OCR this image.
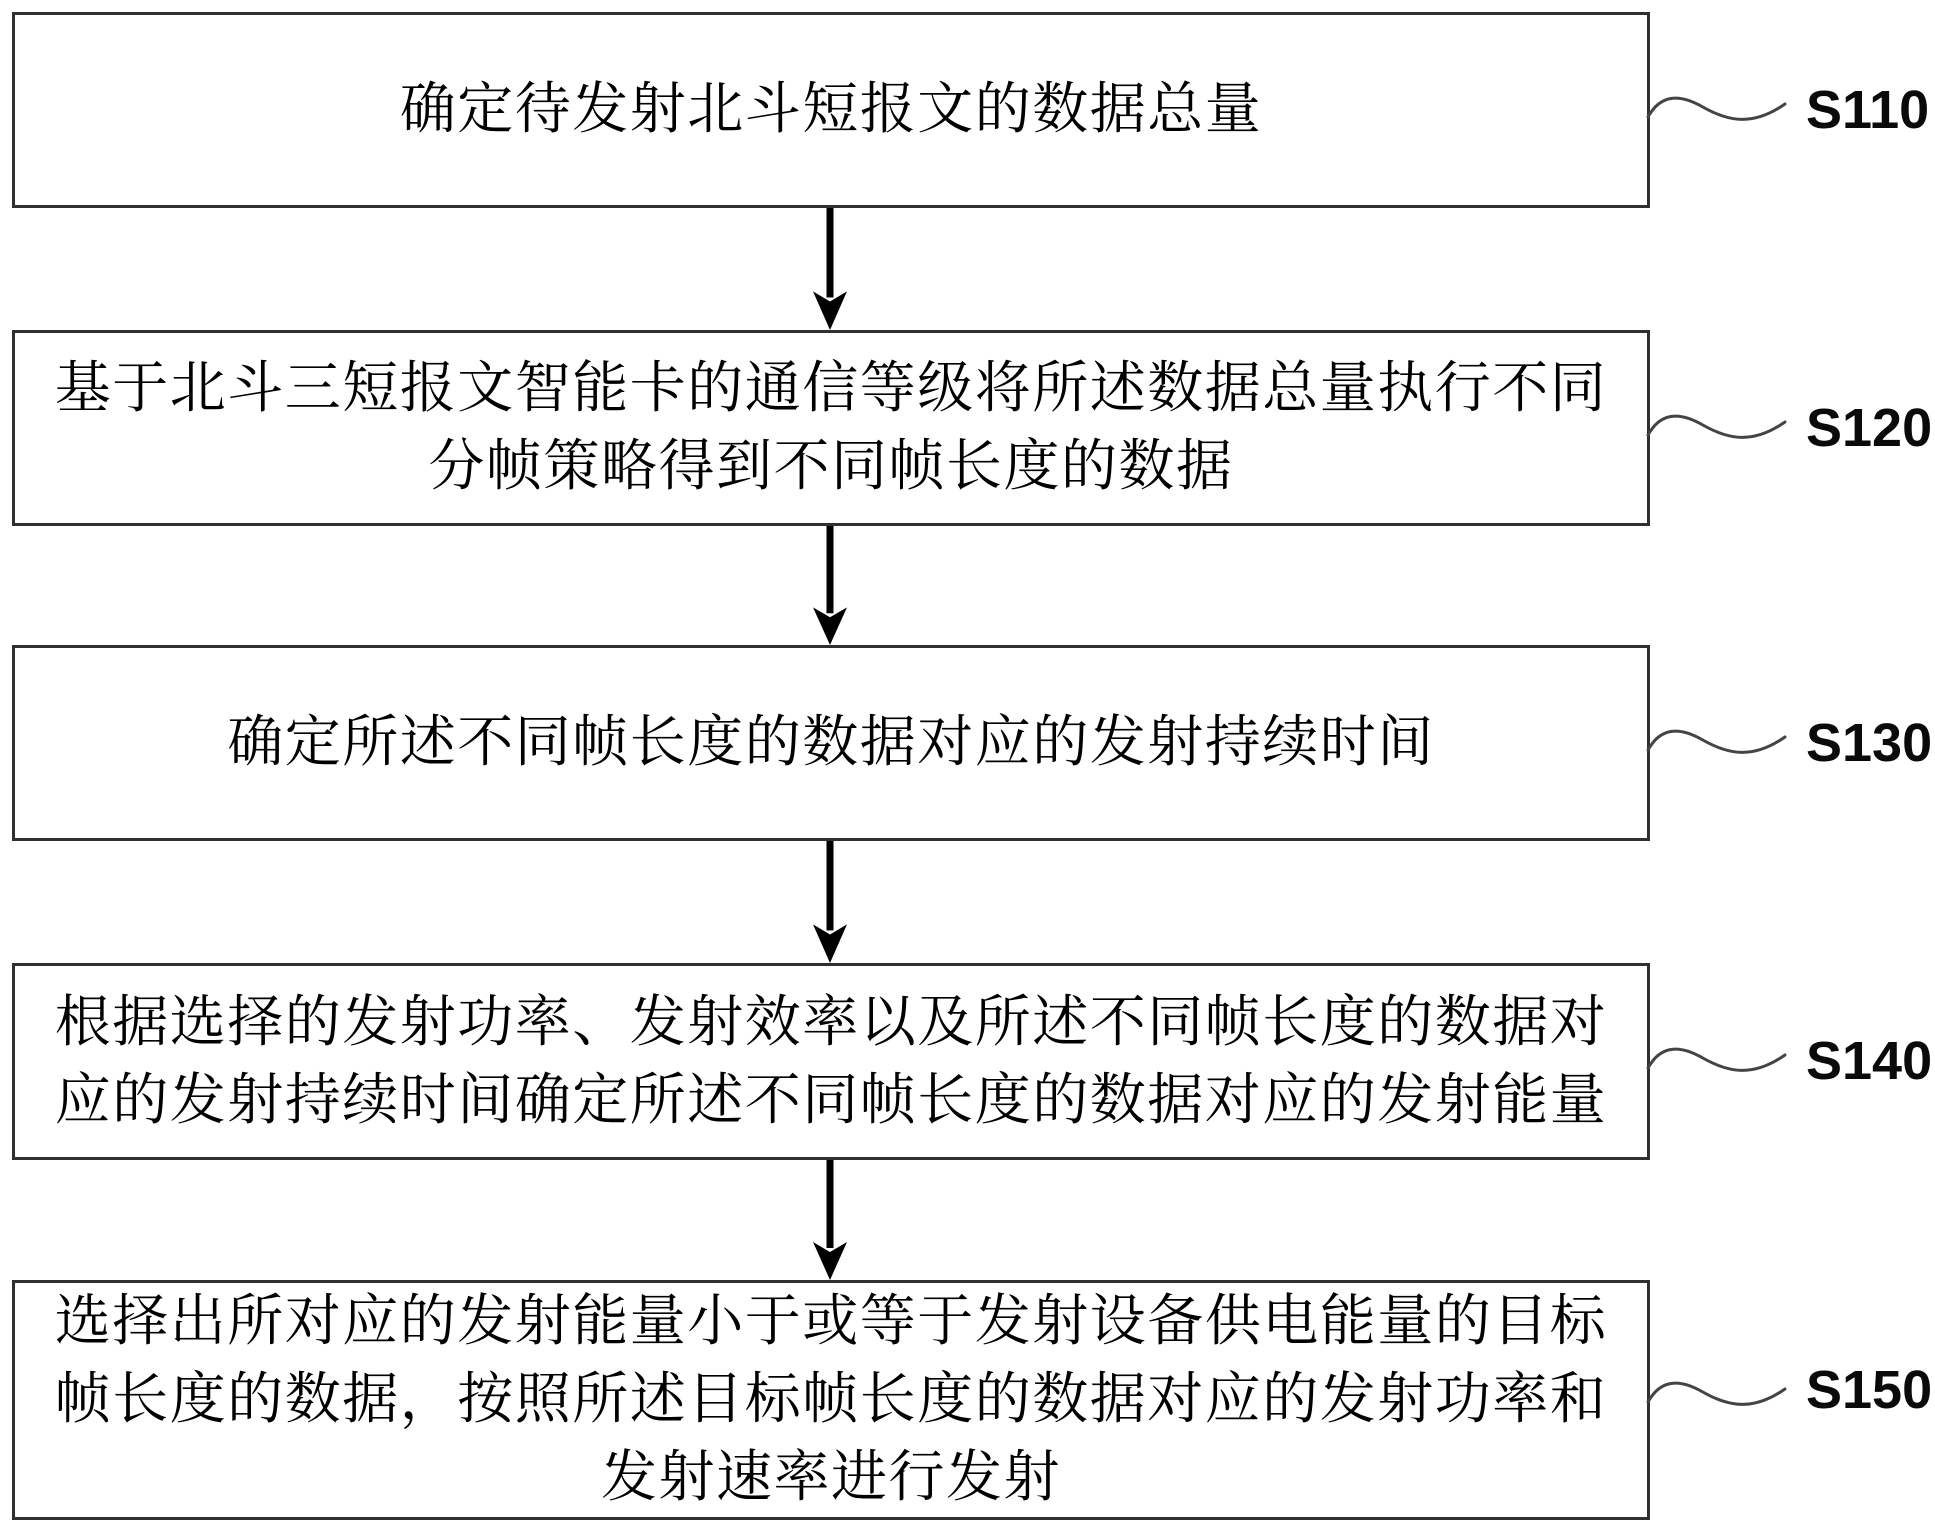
确定待发射北斗短报文的数据总量
基于北斗三短报文智能卡的通信等级将所述数据总量执行不同
分帧策略得到不同帧长度的数据
确定所述不同帧长度的数据对应的发射持续时间
根据选择的发射功率、发射效率以及所述不同帧长度的数据对
应的发射持续时间确定所述不同帧长度的数据对应的发射能量
选择出所对应的发射能量小于或等于发射设备供电能量的目标
帧长度的数据，按照所述目标帧长度的数据对应的发射功率和
发射速率进行发射
S110
S120
S130
S140
S150
